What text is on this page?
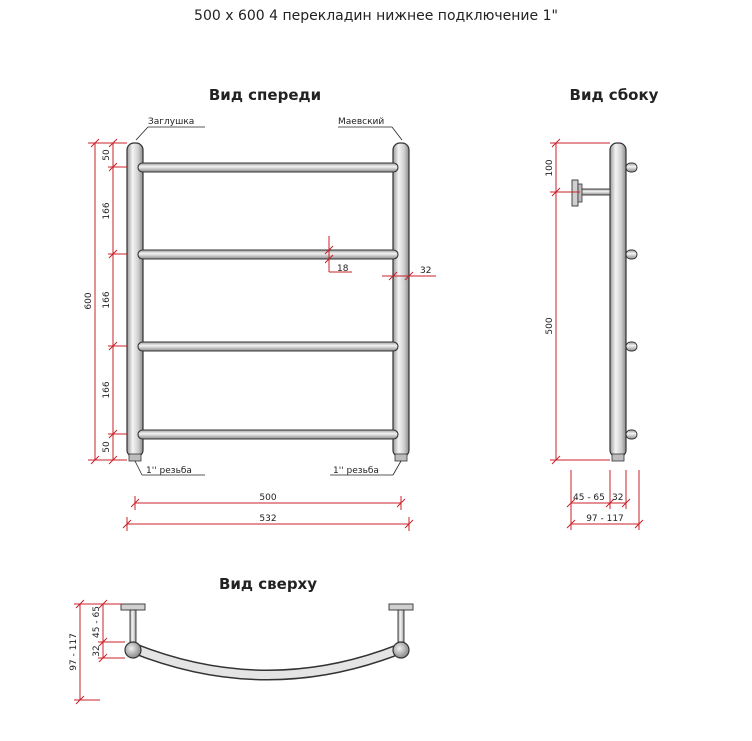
500 x 600 4 перекладин нижнее подключение 1"
Вид спереди
Заглушка	Маевский
600
50
166
166
166
50
18	32
1'' резьба	1'' резьба
500
532
Вид сбоку
100
500
45 - 65 32
97 - 117
Вид сверху
97 - 117
45 - 65
32
